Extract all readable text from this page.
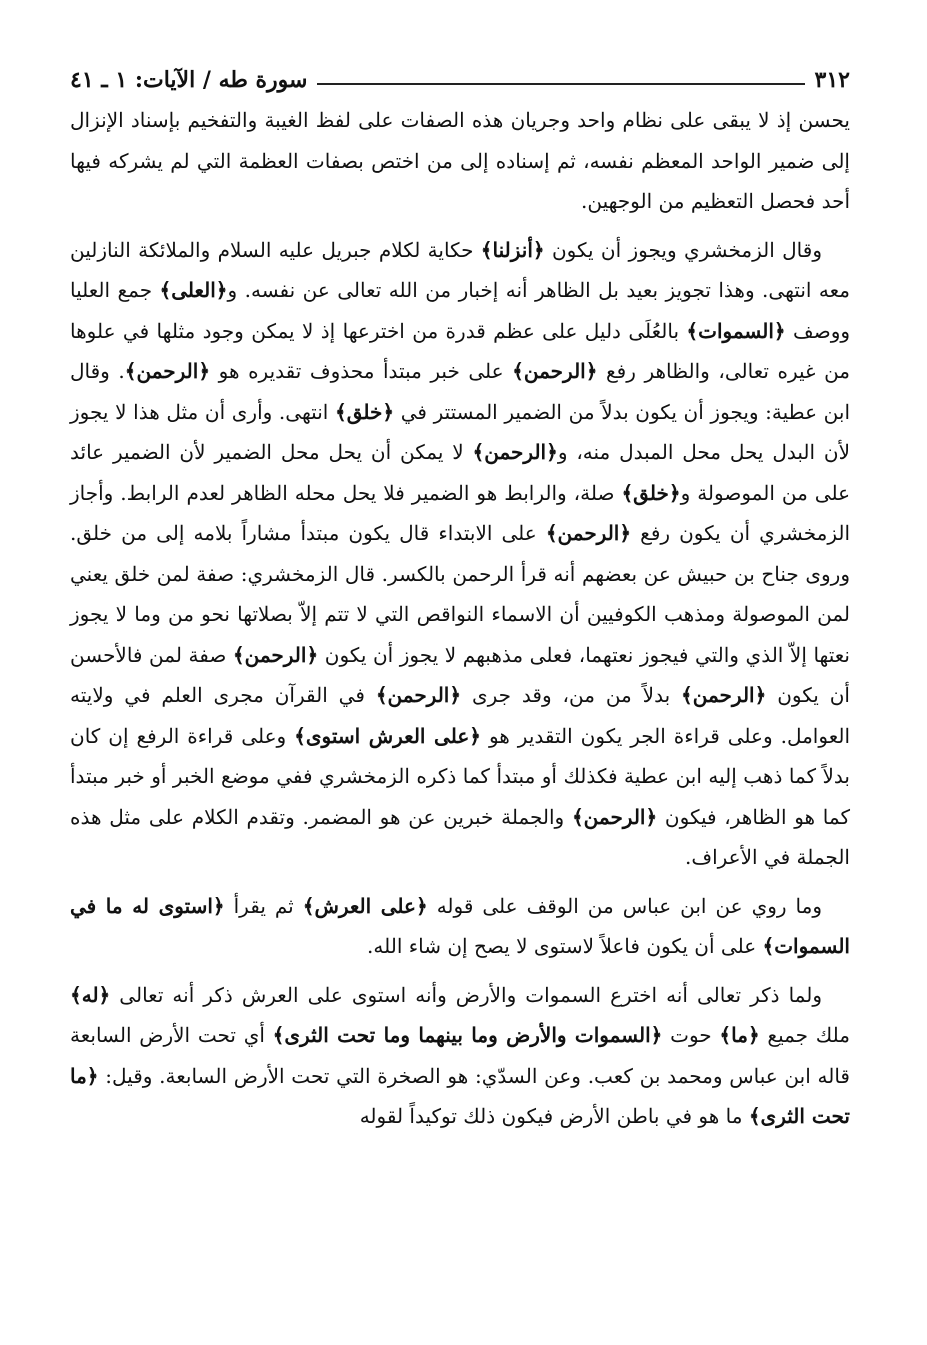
٣١٢
سورة طه / الآيات: ١ ـ ٤١

يحسن إذ لا يبقى على نظام واحد وجريان هذه الصفات على لفظ الغيبة والتفخيم بإسناد الإنزال إلى ضمير الواحد المعظم نفسه، ثم إسناده إلى من اختص بصفات العظمة التي لم يشركه فيها أحد فحصل التعظيم من الوجهين.

وقال الزمخشري ويجوز أن يكون ﴿أنزلنا﴾ حكاية لكلام جبريل عليه السلام والملائكة النازلين معه انتهى. وهذا تجويز بعيد بل الظاهر أنه إخبار من الله تعالى عن نفسه. و﴿العلى﴾ جمع العليا ووصف ﴿السموات﴾ بالعُلَى دليل على عظم قدرة من اخترعها إذ لا يمكن وجود مثلها في علوها من غيره تعالى، والظاهر رفع ﴿الرحمن﴾ على خبر مبتدأ محذوف تقديره هو ﴿الرحمن﴾. وقال ابن عطية: ويجوز أن يكون بدلاً من الضمير المستتر في ﴿خلق﴾ انتهى. وأرى أن مثل هذا لا يجوز لأن البدل يحل محل المبدل منه، و﴿الرحمن﴾ لا يمكن أن يحل محل الضمير لأن الضمير عائد على من الموصولة و﴿خلق﴾ صلة، والرابط هو الضمير فلا يحل محله الظاهر لعدم الرابط. وأجاز الزمخشري أن يكون رفع ﴿الرحمن﴾ على الابتداء قال يكون مبتدأ مشاراً بلامه إلى من خلق. وروى جناح بن حبيش عن بعضهم أنه قرأ الرحمن بالكسر. قال الزمخشري: صفة لمن خلق يعني لمن الموصولة ومذهب الكوفيين أن الاسماء النواقص التي لا تتم إلاّ بصلاتها نحو من وما لا يجوز نعتها إلاّ الذي والتي فيجوز نعتهما، فعلى مذهبهم لا يجوز أن يكون ﴿الرحمن﴾ صفة لمن فالأحسن أن يكون ﴿الرحمن﴾ بدلاً من من، وقد جرى ﴿الرحمن﴾ في القرآن مجرى العلم في ولايته العوامل. وعلى قراءة الجر يكون التقدير هو ﴿على العرش استوى﴾ وعلى قراءة الرفع إن كان بدلاً كما ذهب إليه ابن عطية فكذلك أو مبتدأ كما ذكره الزمخشري ففي موضع الخبر أو خبر مبتدأ كما هو الظاهر، فيكون ﴿الرحمن﴾ والجملة خبرين عن هو المضمر. وتقدم الكلام على مثل هذه الجملة في الأعراف.

وما روي عن ابن عباس من الوقف على قوله ﴿على العرش﴾ ثم يقرأ ﴿استوى له ما في السموات﴾ على أن يكون فاعلاً لاستوى لا يصح إن شاء الله.

ولما ذكر تعالى أنه اخترع السموات والأرض وأنه استوى على العرش ذكر أنه تعالى ﴿له﴾ ملك جميع ﴿ما﴾ حوت ﴿السموات والأرض وما بينهما وما تحت الثرى﴾ أي تحت الأرض السابعة قاله ابن عباس ومحمد بن كعب. وعن السدّي: هو الصخرة التي تحت الأرض السابعة. وقيل: ﴿ما تحت الثرى﴾ ما هو في باطن الأرض فيكون ذلك توكيداً لقوله
